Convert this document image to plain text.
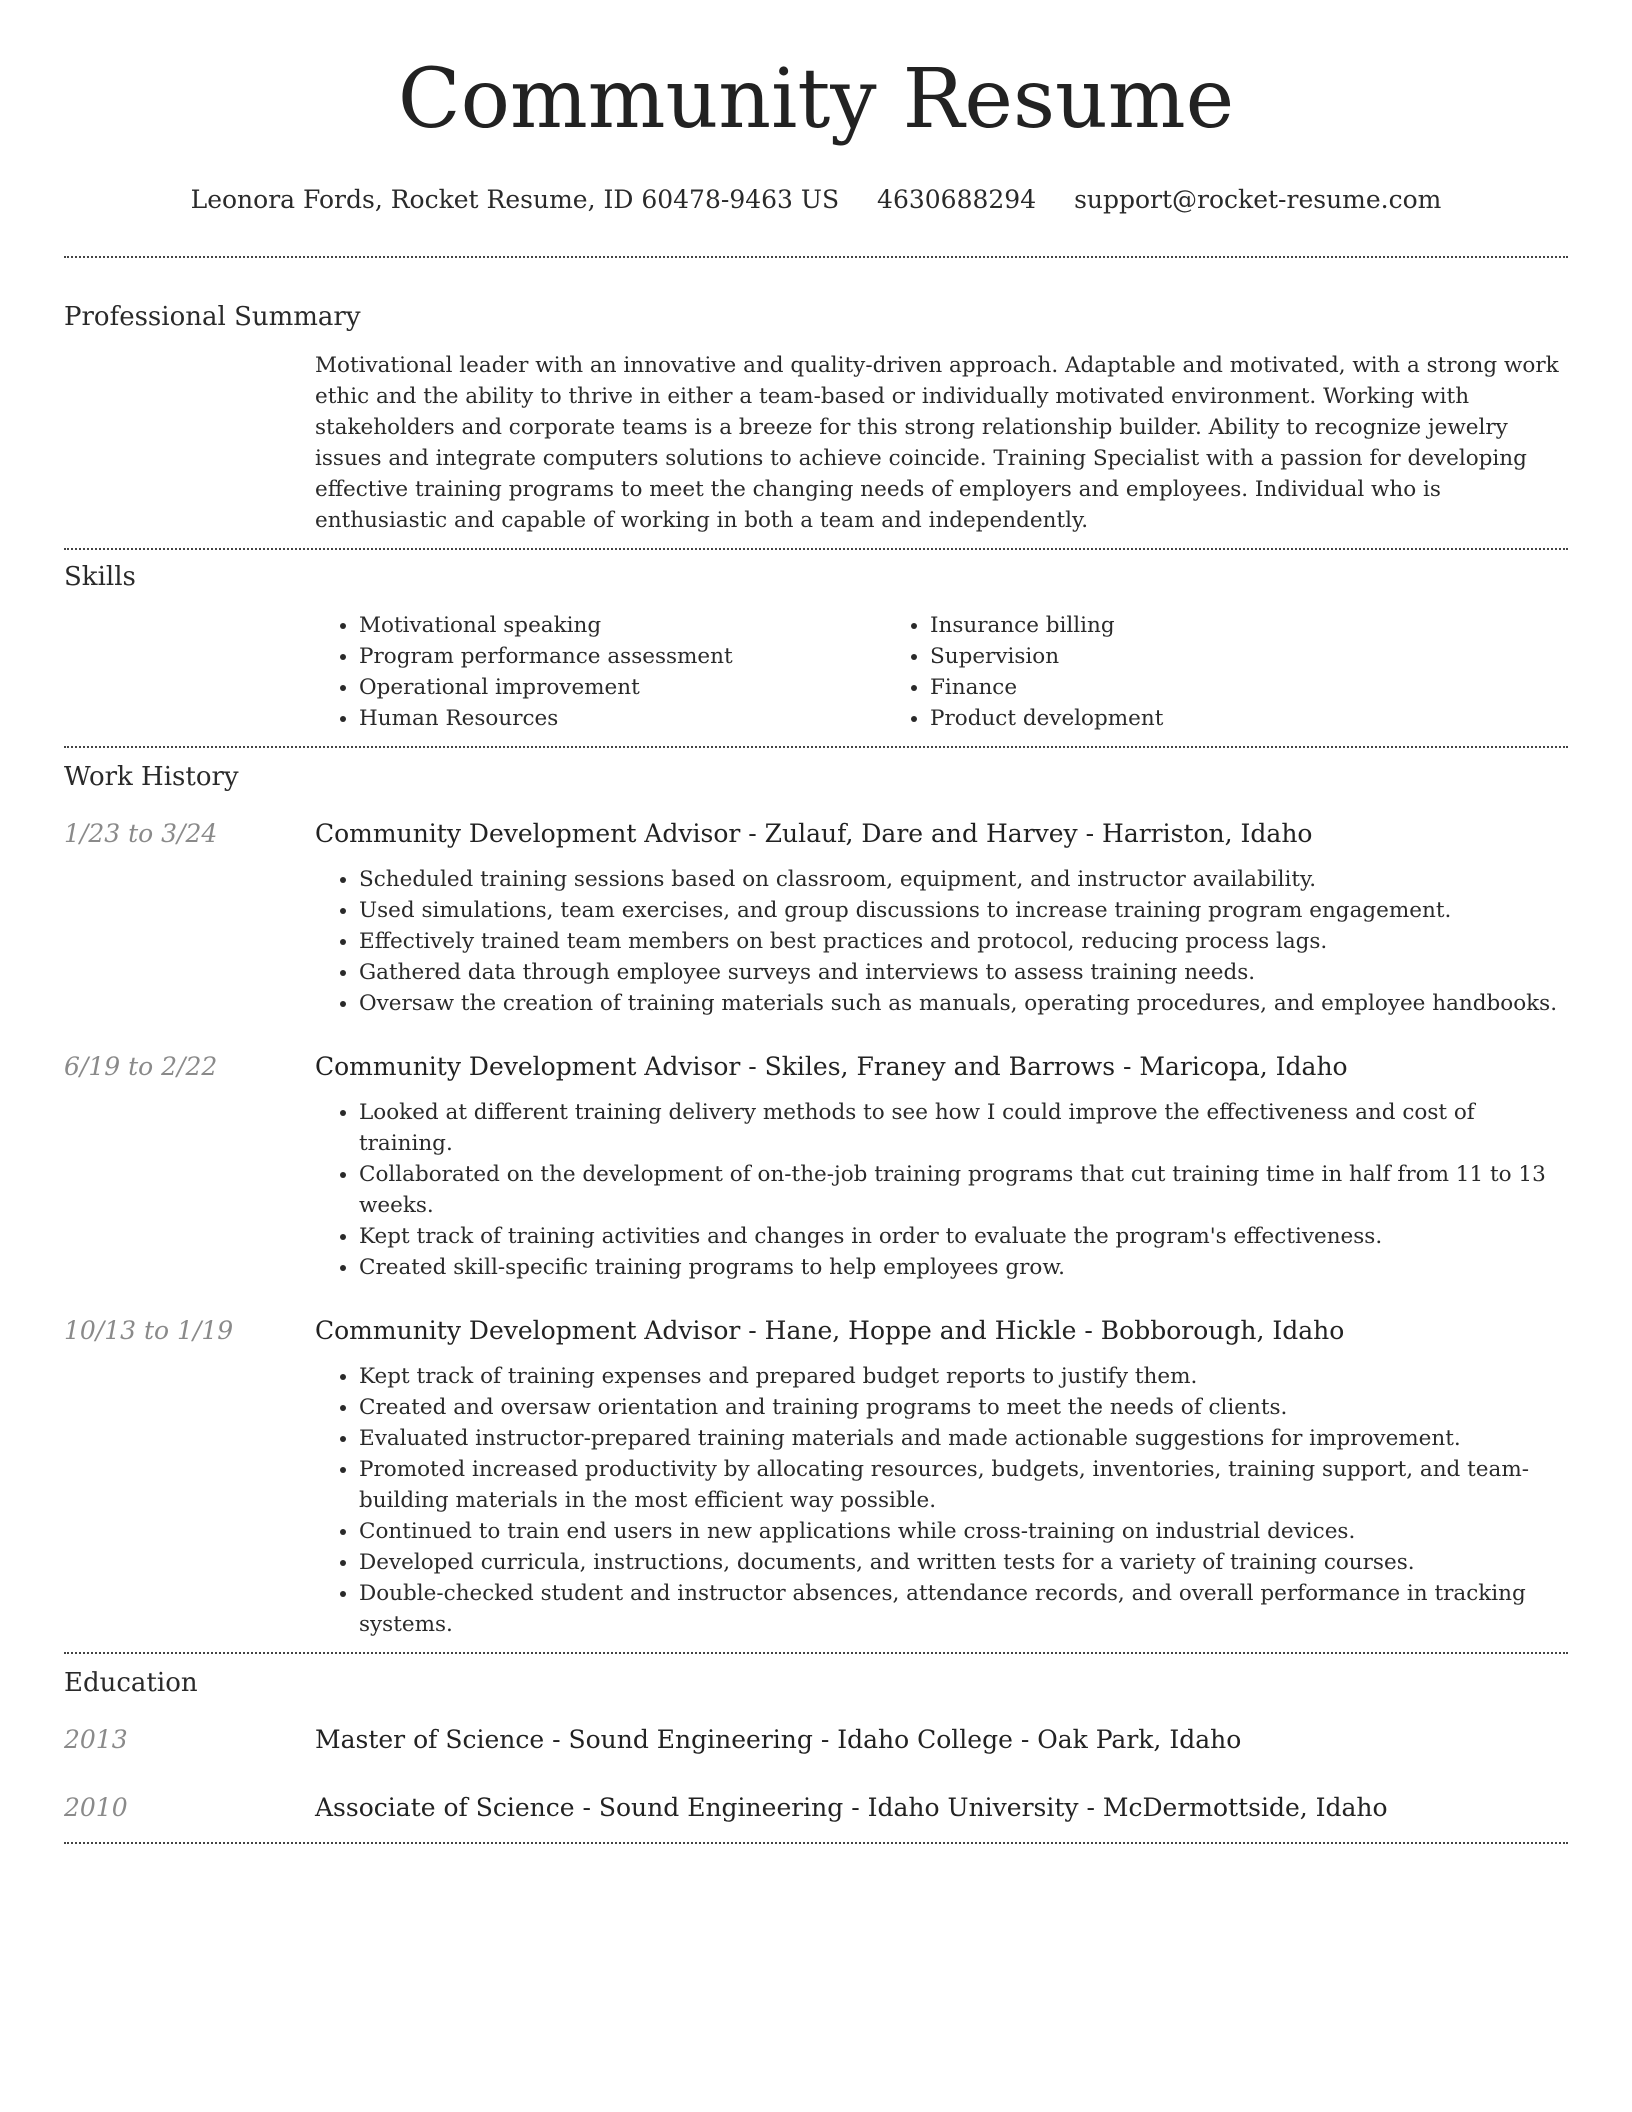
Community Resume
Leonora Fords, Rocket Resume, ID 60478-9463 US 4630688294 support@rocket-resume.com
Professional Summary

Motivational leader with an innovative and quality-driven approach. Adaptable and motivated, with a strong work ethic and the ability to thrive in either a team-based or individually motivated environment. Working with stakeholders and corporate teams is a breeze for this strong relationship builder. Ability to recognize jewelry issues and integrate computers solutions to achieve coincide. Training Specialist with a passion for developing effective training programs to meet the changing needs of employers and employees. Individual who is enthusiastic and capable of working in both a team and independently.

Skills
• Motivational speaking
• Program performance assessment
• Operational improvement
• Human Resources
• Insurance billing
• Supervision
• Finance
• Product development
Work History
1/23 to 3/24	Community Development Advisor - Zulauf, Dare and Harvey - Harriston, Idaho
• Scheduled training sessions based on classroom, equipment, and instructor availability.
• Used simulations, team exercises, and group discussions to increase training program engagement.
• Effectively trained team members on best practices and protocol, reducing process lags.
• Gathered data through employee surveys and interviews to assess training needs.
• Oversaw the creation of training materials such as manuals, operating procedures, and employee handbooks.
6/19 to 2/22	Community Development Advisor - Skiles, Franey and Barrows - Maricopa, Idaho
• Looked at different training delivery methods to see how I could improve the effectiveness and cost of training.
• Collaborated on the development of on-the-job training programs that cut training time in half from 11 to 13 weeks.
• Kept track of training activities and changes in order to evaluate the program's effectiveness.
• Created skill-specific training programs to help employees grow.
10/13 to 1/19	Community Development Advisor - Hane, Hoppe and Hickle - Bobborough, Idaho
• Kept track of training expenses and prepared budget reports to justify them.
• Created and oversaw orientation and training programs to meet the needs of clients.
• Evaluated instructor-prepared training materials and made actionable suggestions for improvement.
• Promoted increased productivity by allocating resources, budgets, inventories, training support, and team-building materials in the most efficient way possible.
• Continued to train end users in new applications while cross-training on industrial devices.
• Developed curricula, instructions, documents, and written tests for a variety of training courses.
• Double-checked student and instructor absences, attendance records, and overall performance in tracking systems.
Education
2013	Master of Science - Sound Engineering - Idaho College - Oak Park, Idaho
2010	Associate of Science - Sound Engineering - Idaho University - McDermottside, Idaho
